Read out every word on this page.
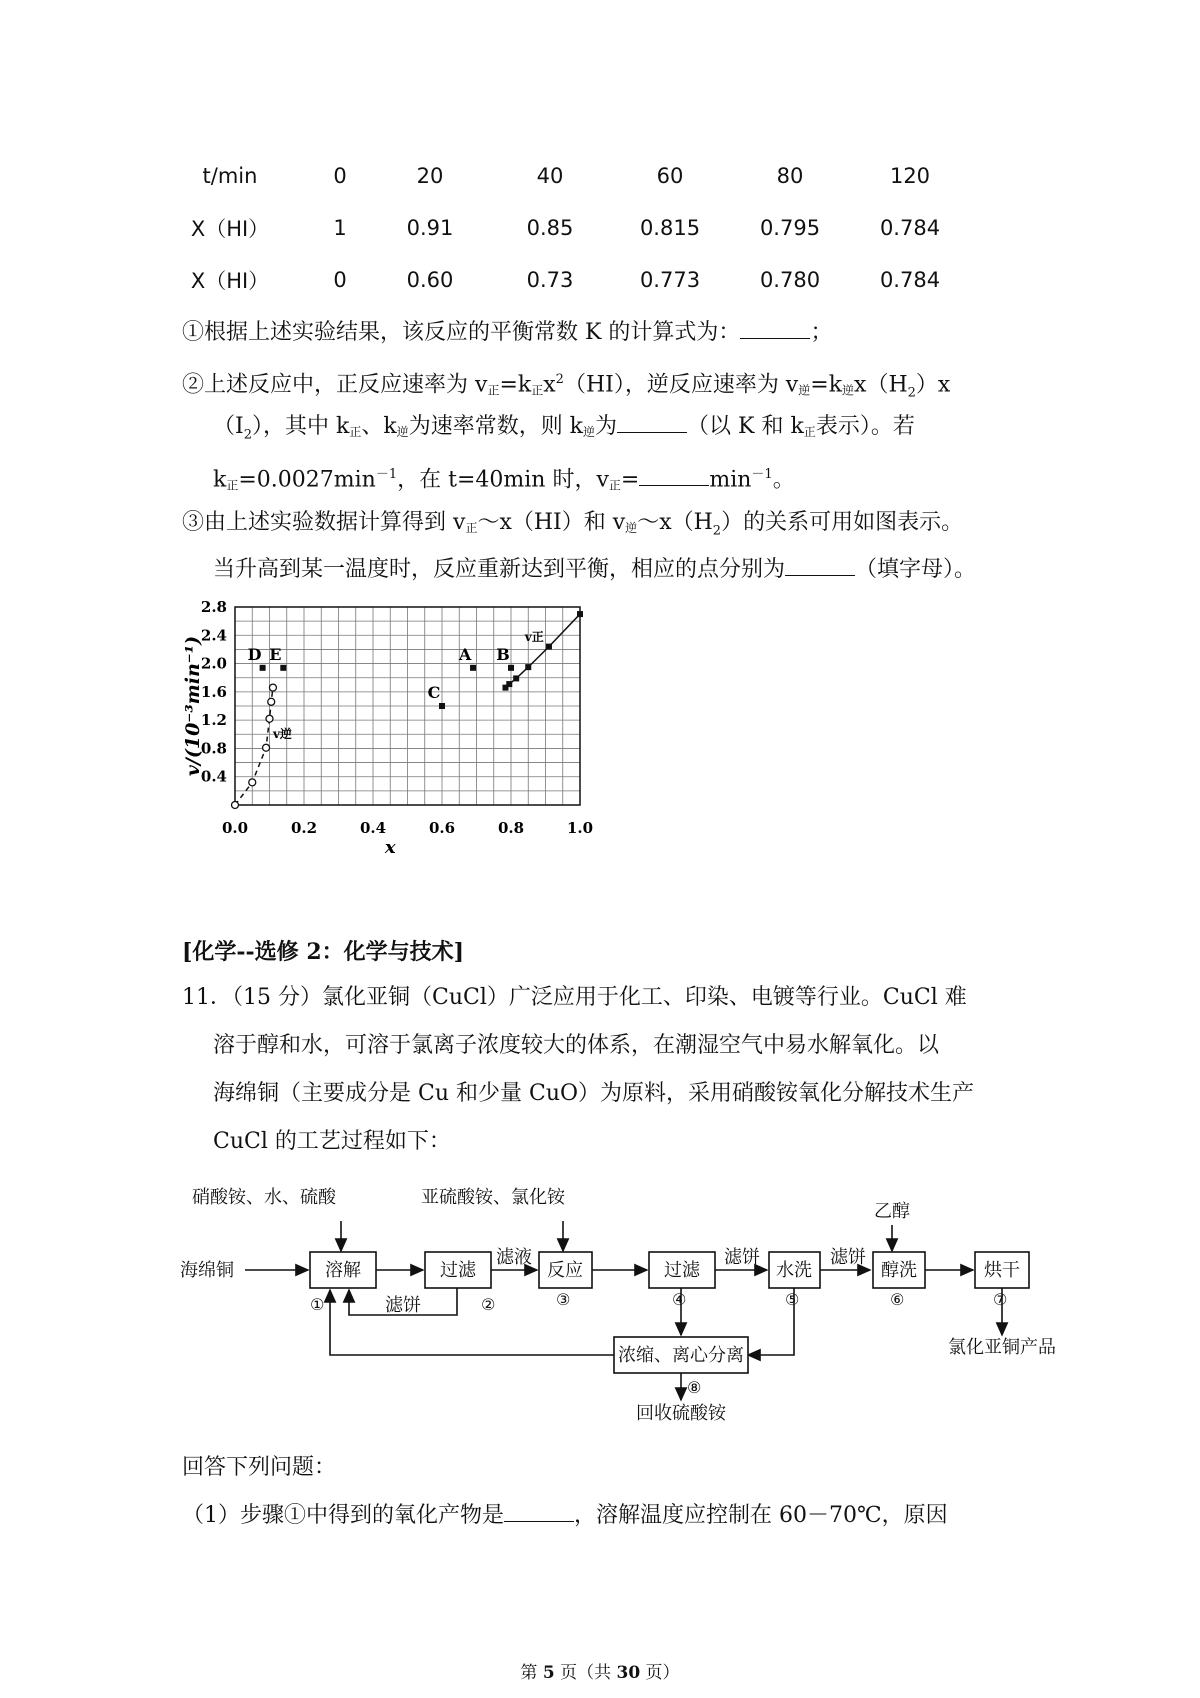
t/min	0	20	40	60	80	120
X（HI）	1	0.91	0.85	0.815	0.795	0.784
X（HI）	0	0.60	0.73	0.773	0.780	0.784
①根据上述实验结果，该反应的平衡常数 K 的计算式为：	；
②上述反应中，正反应速率为 v正=k正$x^2(HI)$，逆反应速率为 v逆=k逆$x(H_2)x$
$(I_2)$，其中 k正、k逆为速率常数，则 k逆为	（以 K 和 k正表示）。若
k正$=0.0027\min^{-1}$，在 t=40min 时，v正=	$\min^{-1}$。
③由上述实验数据计算得到 v正～x（HI）和 v逆$\sim x(H_2)$的关系可用如图表示。
当升高到某一温度时，反应重新达到平衡，相应的点分别为	（填字母）。
A B
C
D E
0.0	0.2	0.4	0.6	0.8	1.0
0.4
0.8
1.2
1.6
2.0
2.4
2.8
v/(10⁻³min⁻¹)
x
v正
v逆
[化学--选修 2：化学与技术]
11．（15 分）氯化亚铜（CuCl）广泛应用于化工、印染、电镀等行业。CuCl 难
溶于醇和水，可溶于氯离子浓度较大的体系，在潮湿空气中易水解氧化。以
海绵铜（主要成分是 Cu 和少量 CuO）为原料，采用硝酸铵氧化分解技术生产
CuCl 的工艺过程如下：
硝酸铵、水、硫酸	亚硫酸铵、氯化铵
乙醇
海绵铜	溶解	过滤	反应	过滤	水洗	醇洗	烘干
浓缩、离心分离
滤液
滤饼
滤饼	滤饼
氯化亚铜产品
回收硫酸铵
①	②	③	④	⑤	⑥	⑦
⑧
回答下列问题：
（1）步骤①中得到的氧化产物是	，溶解温度应控制在 60－70℃，原因
第 5 页（共 30 页）
